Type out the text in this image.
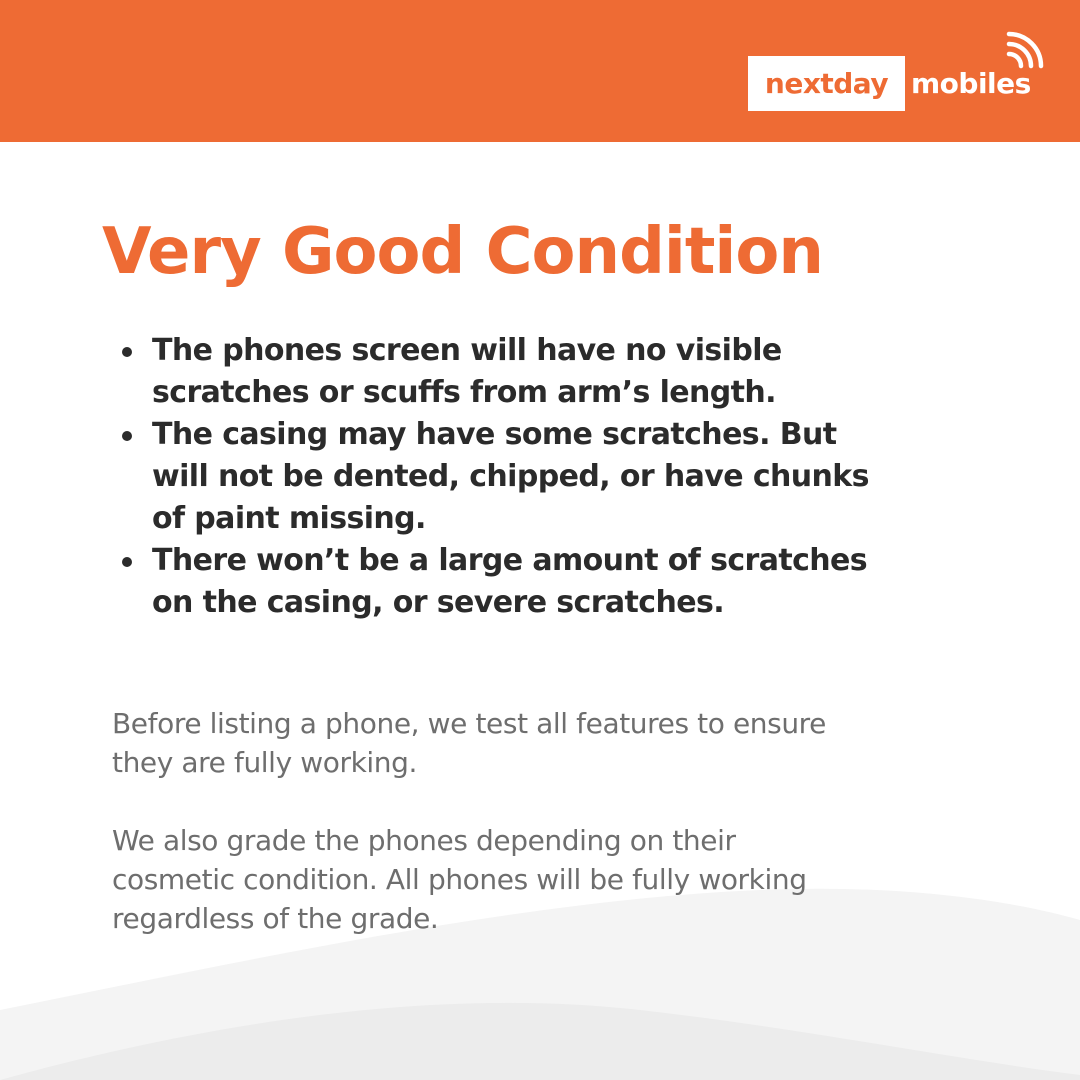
nextday mobiles
Very Good Condition
The phones screen will have no visible scratches or scuffs from arm’s length.
The casing may have some scratches. But will not be dented, chipped, or have chunks of paint missing.
There won’t be a large amount of scratches on the casing, or severe scratches.

Before listing a phone, we test all features to ensure they are fully working.

We also grade the phones depending on their cosmetic condition. All phones will be fully working regardless of the grade.
